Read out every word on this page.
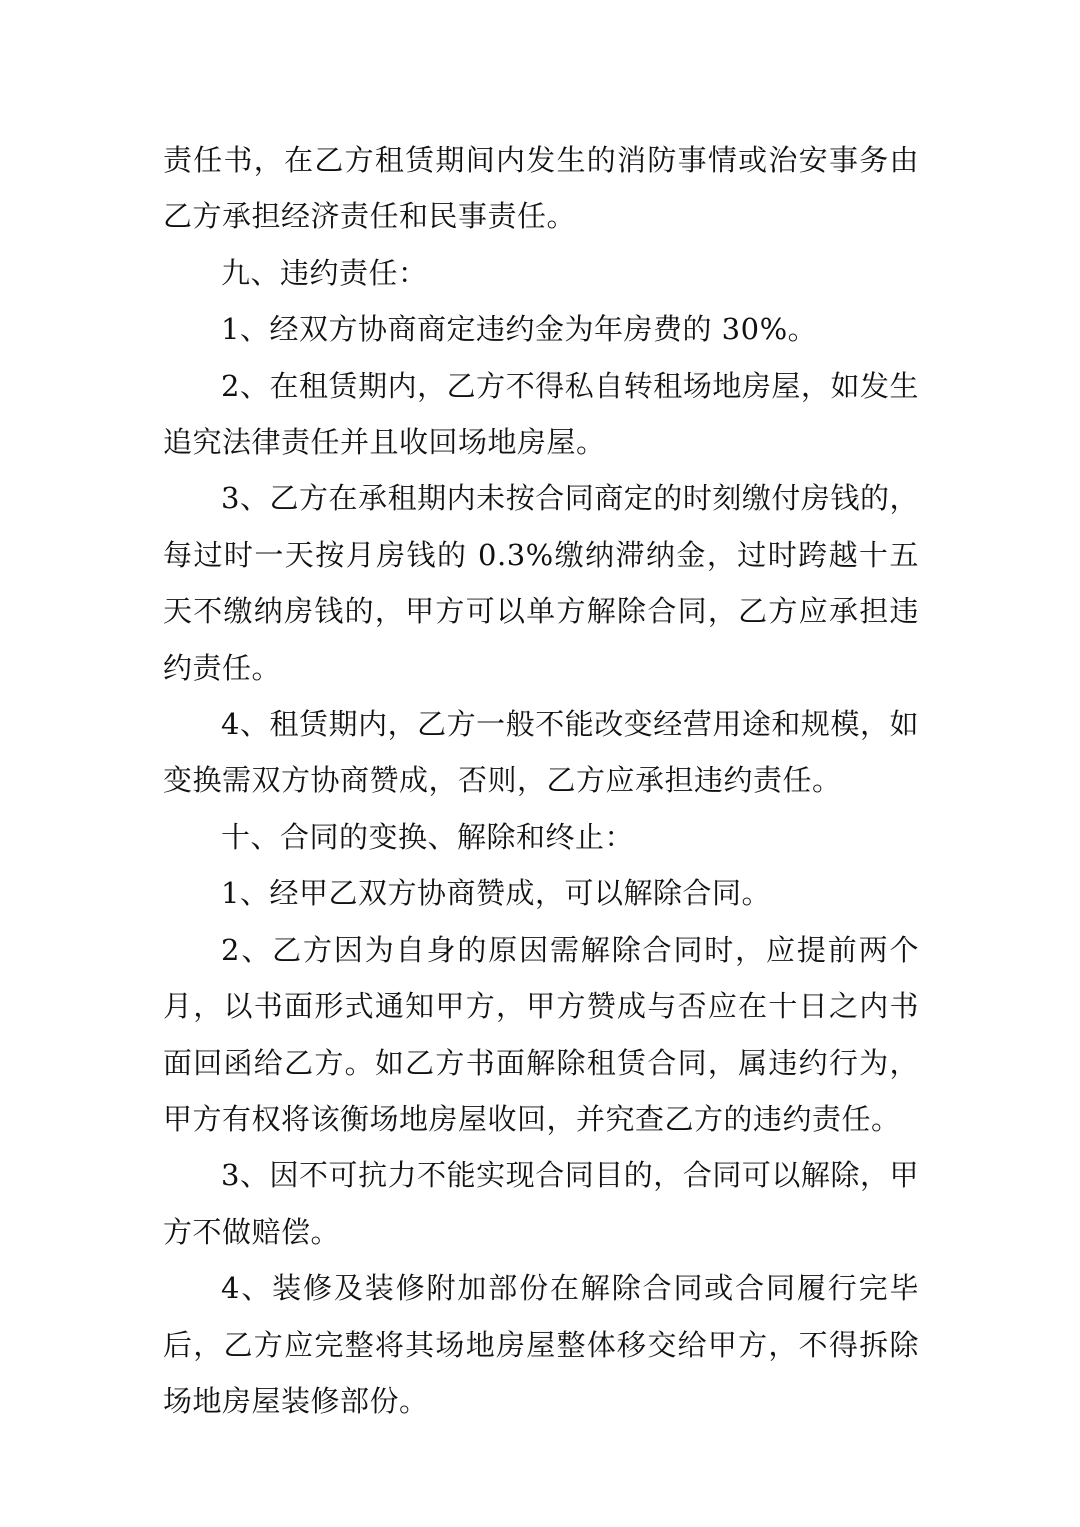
责任书，在乙方租赁期间内发生的消防事情或治安事务由乙方承担经济责任和民事责任。

九、违约责任：

1、经双方协商商定违约金为年房费的 30%。

2、在租赁期内，乙方不得私自转租场地房屋，如发生追究法律责任并且收回场地房屋。

3、乙方在承租期内未按合同商定的时刻缴付房钱的，每过时一天按月房钱的 0.3%缴纳滞纳金，过时跨越十五天不缴纳房钱的，甲方可以单方解除合同，乙方应承担违约责任。

4、租赁期内，乙方一般不能改变经营用途和规模，如变换需双方协商赞成，否则，乙方应承担违约责任。

十、合同的变换、解除和终止：

1、经甲乙双方协商赞成，可以解除合同。

2、乙方因为自身的原因需解除合同时，应提前两个月，以书面形式通知甲方，甲方赞成与否应在十日之内书面回函给乙方。如乙方书面解除租赁合同，属违约行为，甲方有权将该衡场地房屋收回，并究查乙方的违约责任。

3、因不可抗力不能实现合同目的，合同可以解除，甲方不做赔偿。

4、装修及装修附加部份在解除合同或合同履行完毕后，乙方应完整将其场地房屋整体移交给甲方，不得拆除场地房屋装修部份。
